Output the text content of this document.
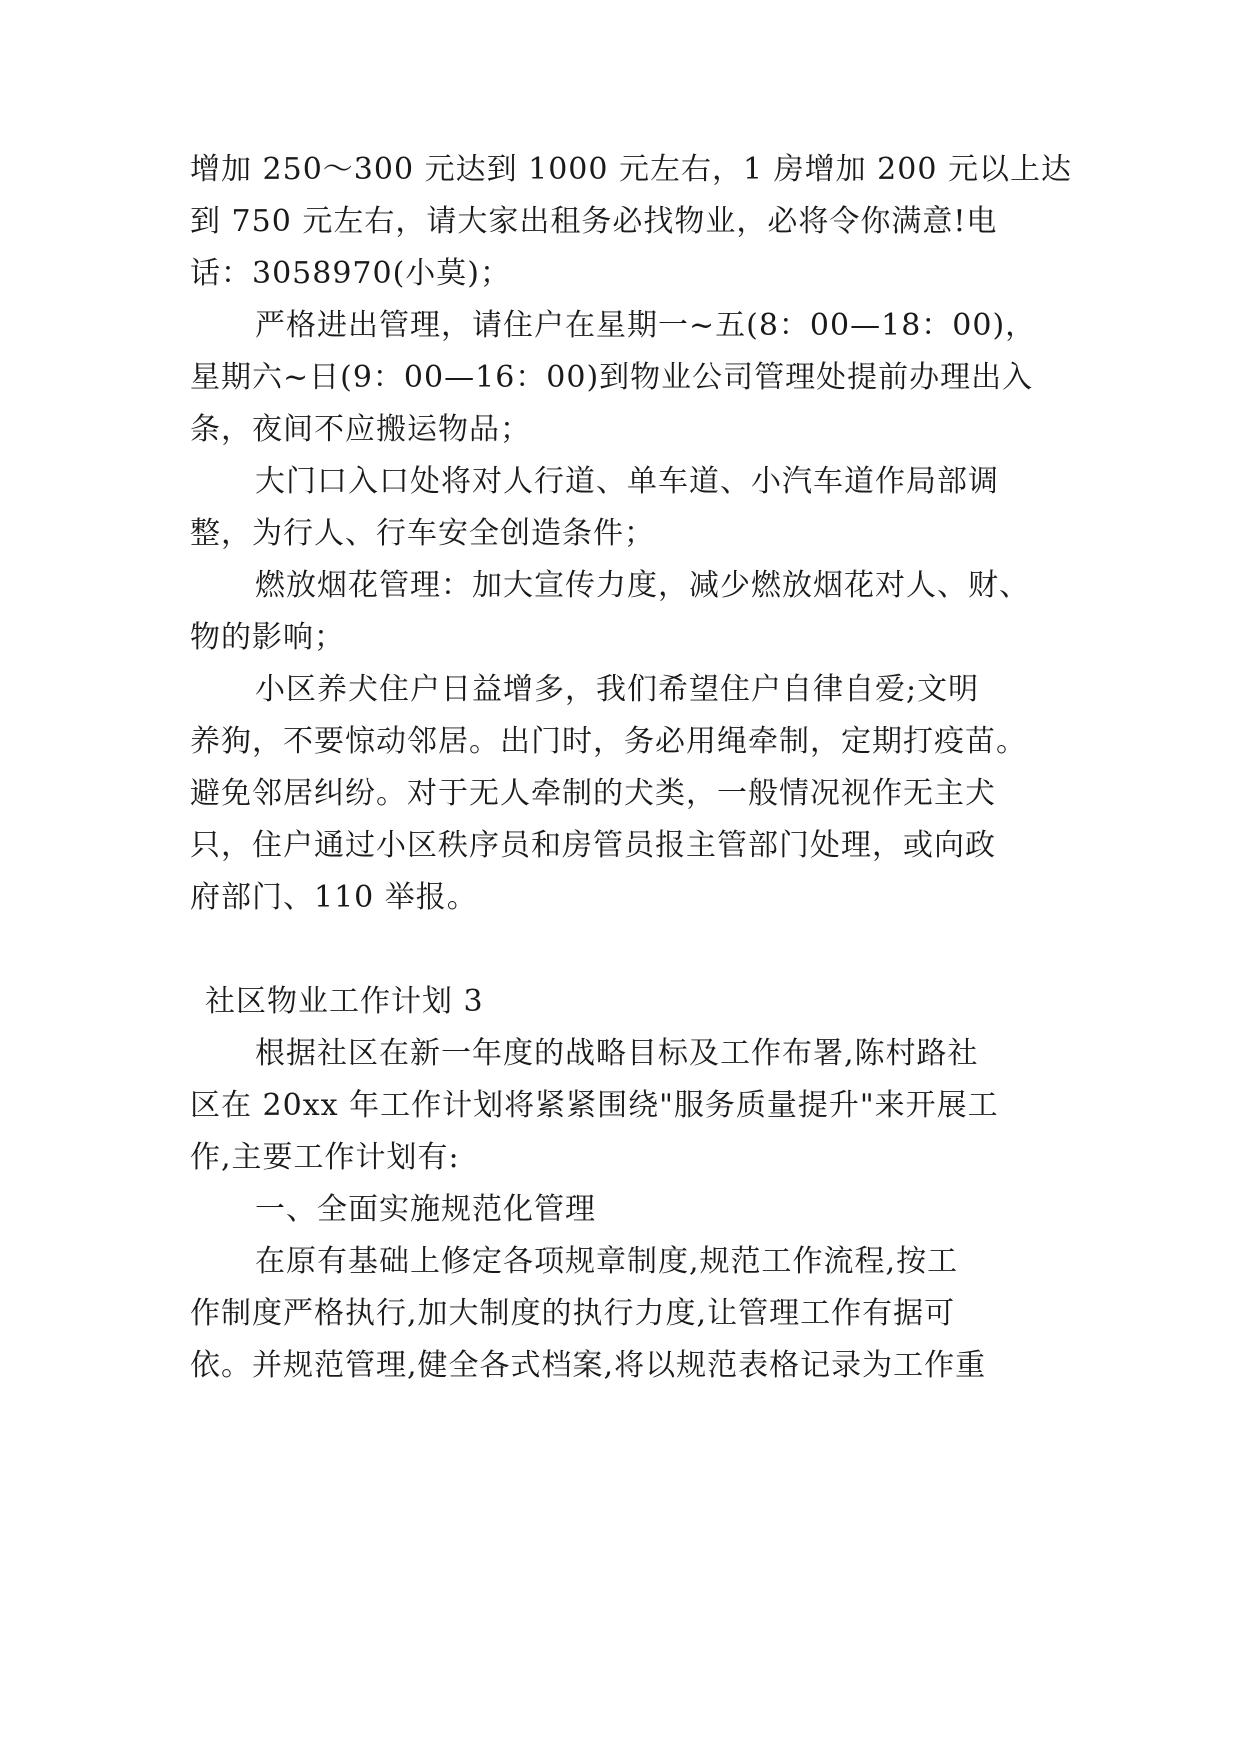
增加 250～300 元达到 1000 元左右，1 房增加 200 元以上达
到 750 元左右，请大家出租务必找物业，必将令你满意!电
话：3058970(小莫)；
严格进出管理，请住户在星期一~五(8：00—18：00)，
星期六~日(9：00—16：00)到物业公司管理处提前办理出入
条，夜间不应搬运物品；
大门口入口处将对人行道、单车道、小汽车道作局部调
整，为行人、行车安全创造条件；
燃放烟花管理：加大宣传力度，减少燃放烟花对人、财、
物的影响；
小区养犬住户日益增多，我们希望住户自律自爱;文明
养狗，不要惊动邻居。出门时，务必用绳牵制，定期打疫苗。
避免邻居纠纷。对于无人牵制的犬类，一般情况视作无主犬
只，住户通过小区秩序员和房管员报主管部门处理，或向政
府部门、110 举报。
社区物业工作计划 3
根据社区在新一年度的战略目标及工作布署,陈村路社
区在 20xx 年工作计划将紧紧围绕"服务质量提升"来开展工
作,主要工作计划有:
一、全面实施规范化管理
在原有基础上修定各项规章制度,规范工作流程,按工
作制度严格执行,加大制度的执行力度,让管理工作有据可
依。并规范管理,健全各式档案,将以规范表格记录为工作重
